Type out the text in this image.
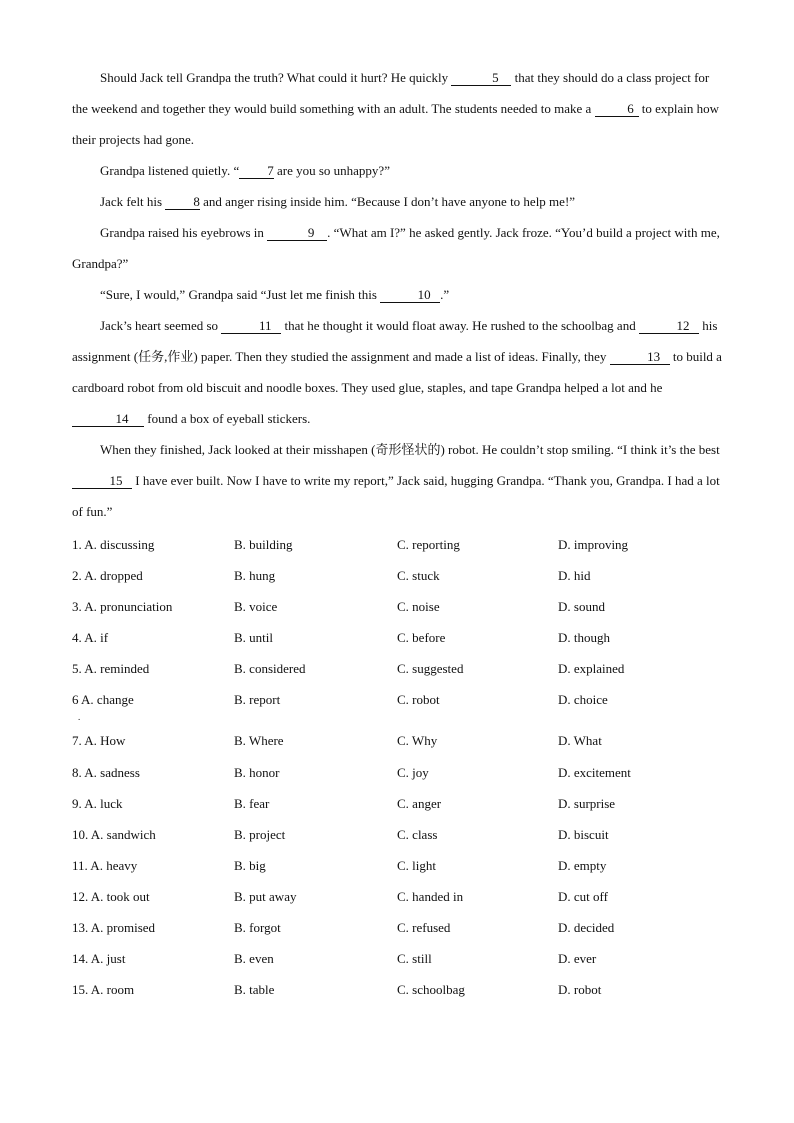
Should Jack tell Grandpa the truth? What could it hurt? He quickly	5 that they should do a class project for the weekend and together they would build something with an adult. The students needed to make a	6 to explain how their projects had gone.

Grandpa listened quietly. “ 7 are you so unhappy?”

Jack felt his 8 and anger rising inside him. “Because I don’t have anyone to help me!”

Grandpa raised his eyebrows in	9 . “What am I?” he asked gently. Jack froze. “You’d build a project with me, Grandpa?”

“Sure, I would,” Grandpa said “Just let me finish this	10 .”

Jack’s heart seemed so	11 that he thought it would float away. He rushed to the schoolbag and	12 his assignment (任务,作业) paper. Then they studied the assignment and made a list of ideas. Finally, they	13 to build a cardboard robot from old biscuit and noodle boxes. They used glue, staples, and tape Grandpa helped a lot and he 14 found a box of eyeball stickers.

When they finished, Jack looked at their misshapen (奇形怪状的) robot. He couldn’t stop smiling. “I think it’s the best 15 I have ever built. Now I have to write my report,” Jack said, hugging Grandpa. “Thank you, Grandpa. I had a lot of fun.”

1. A. discussing	B. building	C. reporting	D. improving
2. A. dropped	B. hung	C. stuck	D. hid
3. A. pronunciation	B. voice	C. noise	D. sound
4. A. if	B. until	C. before	D. though
5. A. reminded	B. considered	C. suggested	D. explained
6 A. change	B. report	C. robot	D. choice
.
7. A. How	B. Where	C. Why	D. What
8. A. sadness	B. honor	C. joy	D. excitement
9. A. luck	B. fear	C. anger	D. surprise
10. A. sandwich	B. project	C. class	D. biscuit
11. A. heavy	B. big	C. light	D. empty
12. A. took out	B. put away	C. handed in	D. cut off
13. A. promised	B. forgot	C. refused	D. decided
14. A. just	B. even	C. still	D. ever
15. A. room	B. table	C. schoolbag	D. robot
